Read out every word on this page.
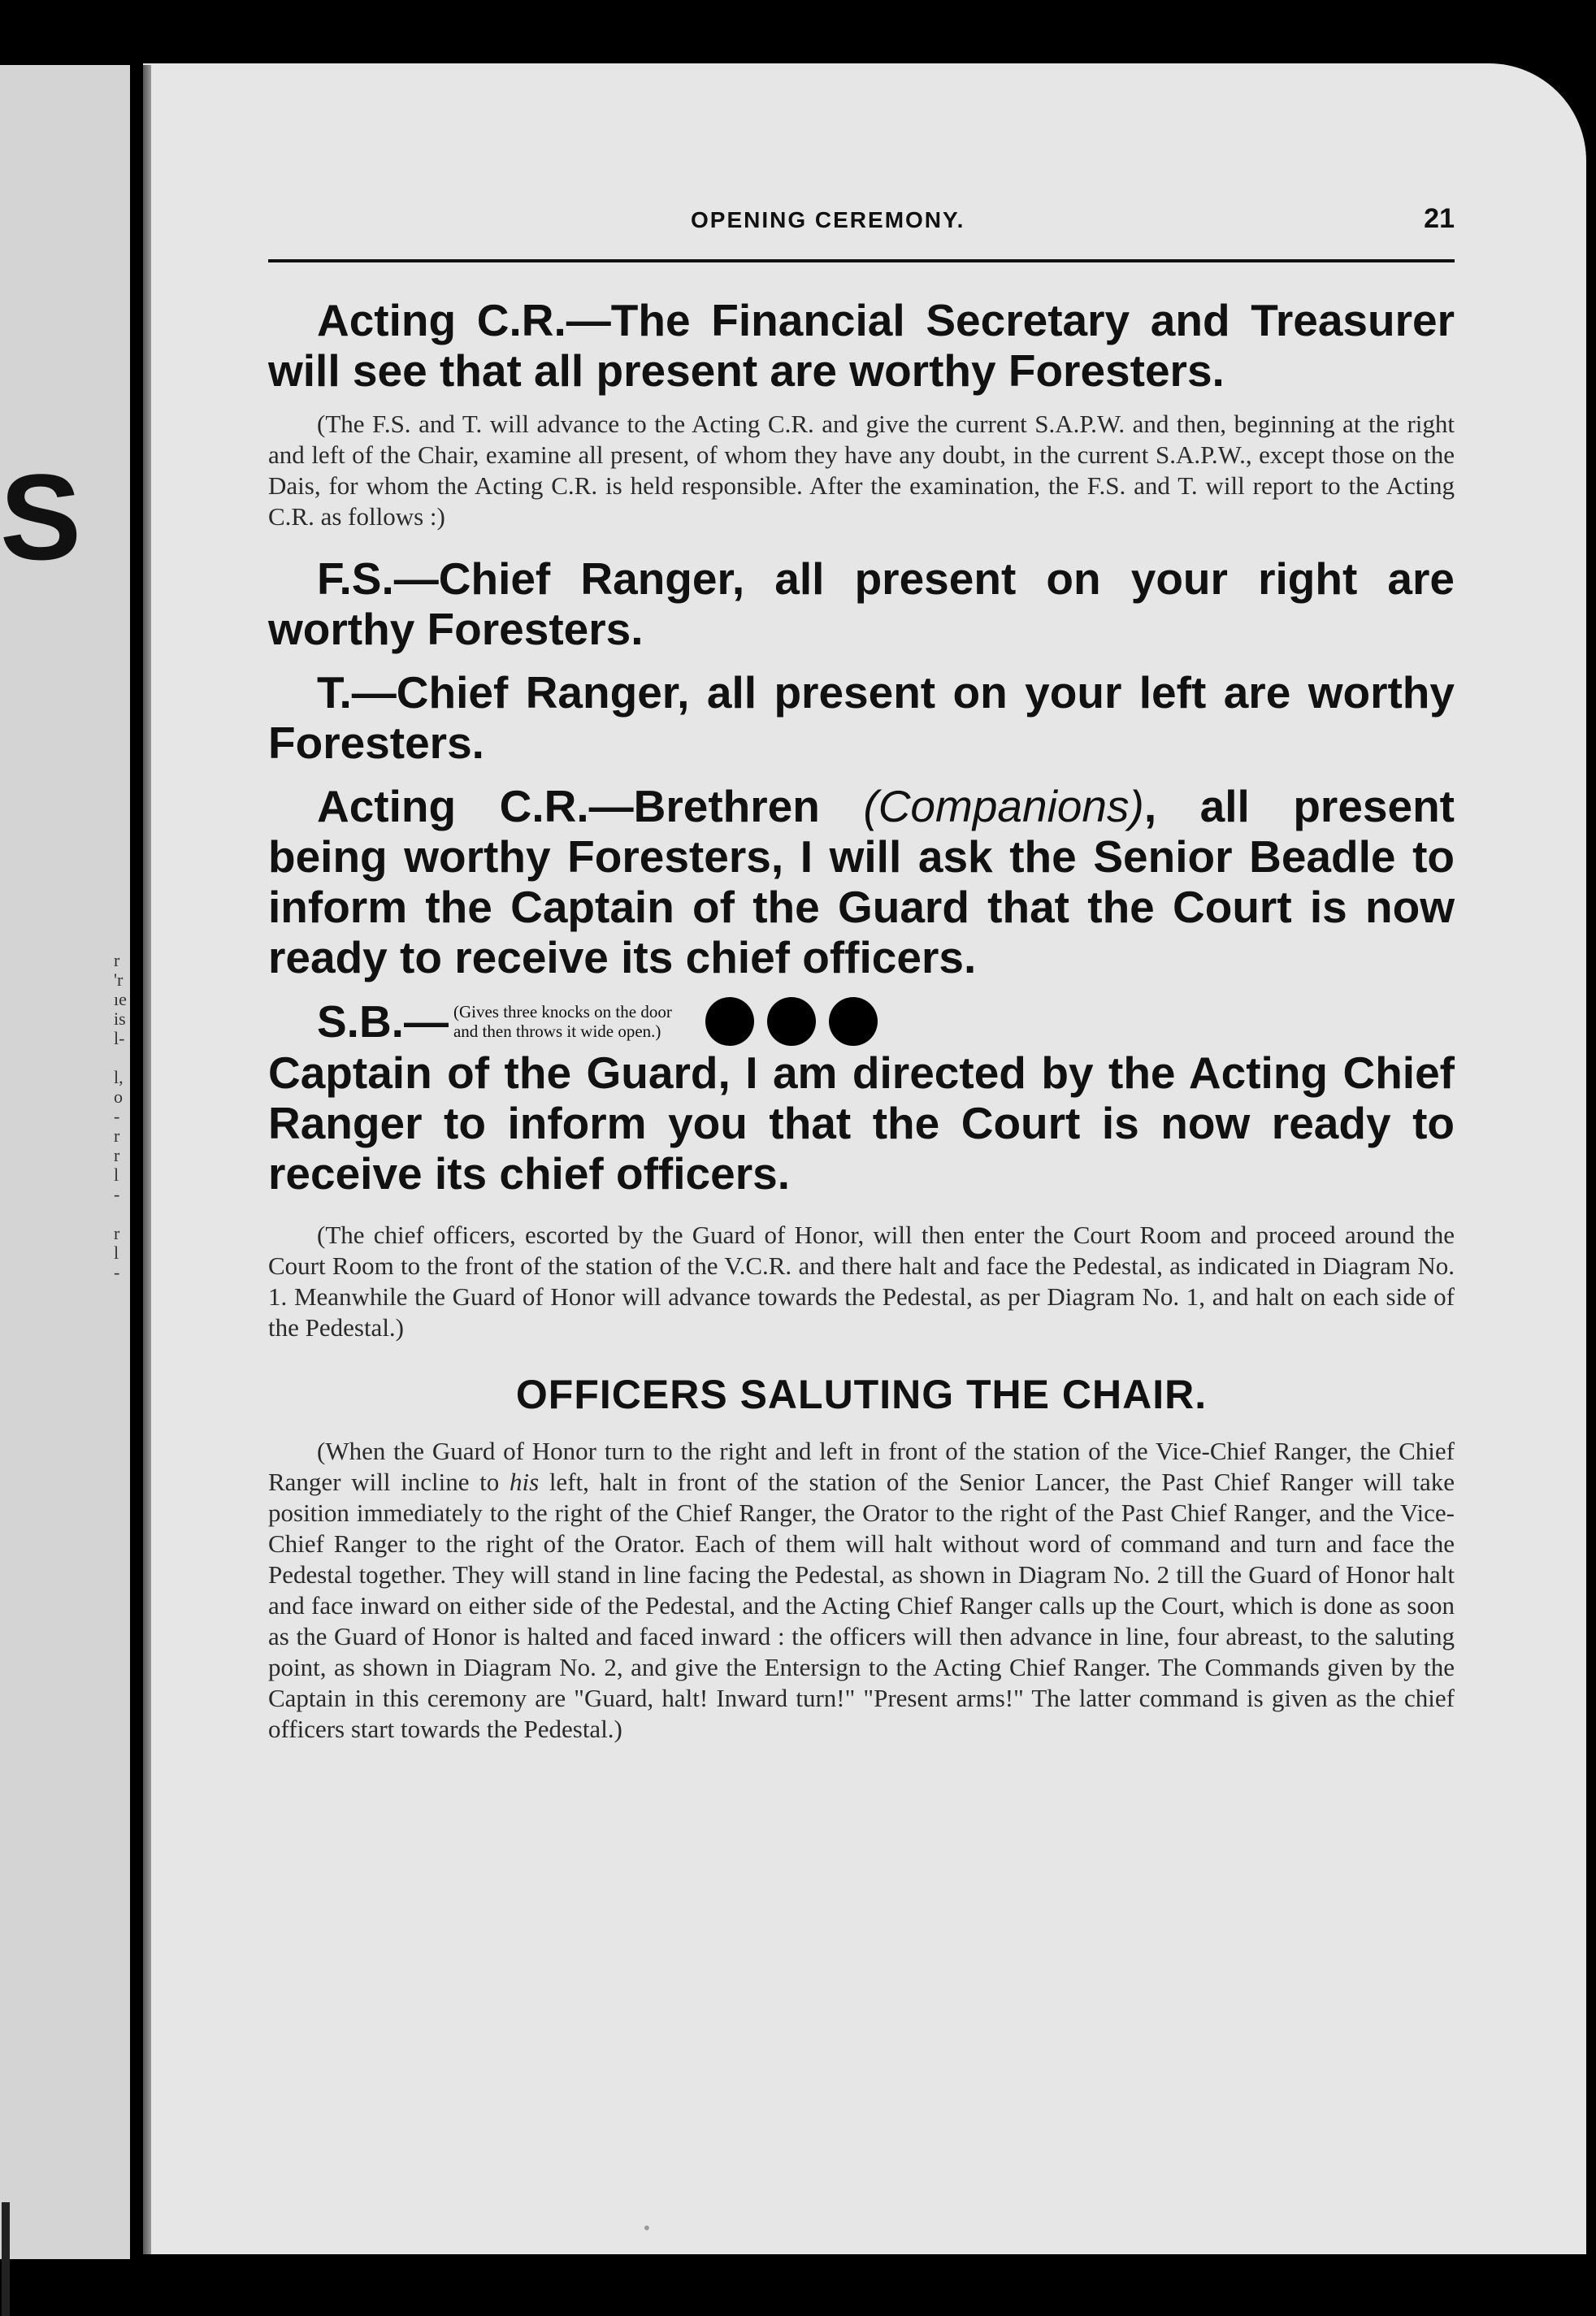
S
r
'r
ıe
is
l-

l,
o
-
r
r
l
-

r
l
-
OPENING CEREMONY.	21

Acting C.R.—The Financial Secretary and Treasurer will see that all present are worthy Foresters.

(The F.S. and T. will advance to the Acting C.R. and give the current S.A.P.W. and then, beginning at the right and left of the Chair, examine all present, of whom they have any doubt, in the current S.A.P.W., except those on the Dais, for whom the Acting C.R. is held responsible. After the examination, the F.S. and T. will report to the Acting C.R. as follows :)

F.S.—Chief Ranger, all present on your right are worthy Foresters.

T.—Chief Ranger, all present on your left are worthy Foresters.

Acting C.R.—Brethren (Companions), all present being worthy Foresters, I will ask the Senior Beadle to inform the Captain of the Guard that the Court is now ready to receive its chief officers.

S.B.— (Gives three knocks on the door and then throws it wide open.)

Captain of the Guard, I am directed by the Acting Chief Ranger to inform you that the Court is now ready to receive its chief officers.

(The chief officers, escorted by the Guard of Honor, will then enter the Court Room and proceed around the Court Room to the front of the station of the V.C.R. and there halt and face the Pedestal, as indicated in Diagram No. 1. Meanwhile the Guard of Honor will advance towards the Pedestal, as per Diagram No. 1, and halt on each side of the Pedestal.)

OFFICERS SALUTING THE CHAIR.

(When the Guard of Honor turn to the right and left in front of the station of the Vice-Chief Ranger, the Chief Ranger will incline to his left, halt in front of the station of the Senior Lancer, the Past Chief Ranger will take position immediately to the right of the Chief Ranger, the Orator to the right of the Past Chief Ranger, and the Vice-Chief Ranger to the right of the Orator. Each of them will halt without word of command and turn and face the Pedestal together. They will stand in line facing the Pedestal, as shown in Diagram No. 2 till the Guard of Honor halt and face inward on either side of the Pedestal, and the Acting Chief Ranger calls up the Court, which is done as soon as the Guard of Honor is halted and faced inward : the officers will then advance in line, four abreast, to the saluting point, as shown in Diagram No. 2, and give the Entersign to the Acting Chief Ranger. The Commands given by the Captain in this ceremony are "Guard, halt! Inward turn!" "Present arms!" The latter command is given as the chief officers start towards the Pedestal.)

•
